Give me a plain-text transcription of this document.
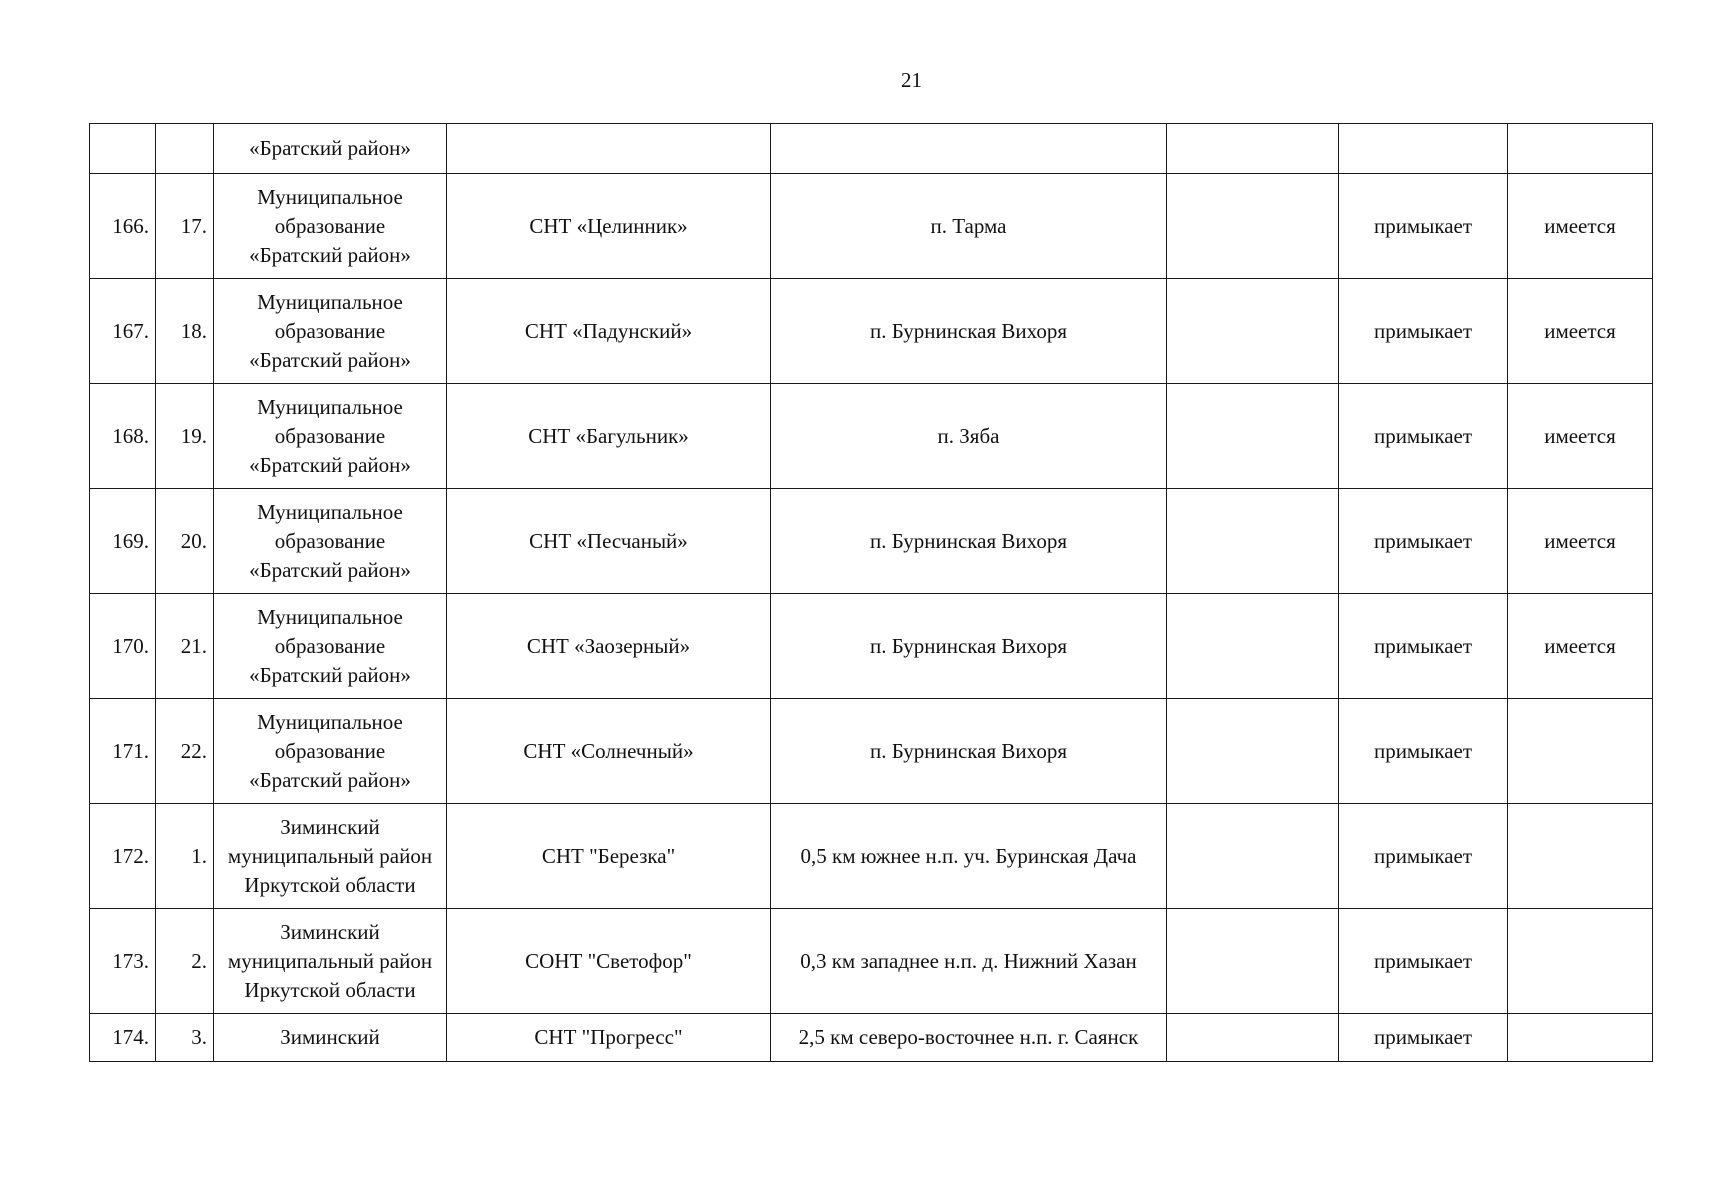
21
		«Братский район»					
166.	17.	Муниципальное
образование
«Братский район»	СНТ «Целинник»	п. Тарма		примыкает	имеется
167.	18.	Муниципальное
образование
«Братский район»	СНТ «Падунский»	п. Бурнинская Вихоря		примыкает	имеется
168.	19.	Муниципальное
образование
«Братский район»	СНТ «Багульник»	п. Зяба		примыкает	имеется
169.	20.	Муниципальное
образование
«Братский район»	СНТ «Песчаный»	п. Бурнинская Вихоря		примыкает	имеется
170.	21.	Муниципальное
образование
«Братский район»	СНТ «Заозерный»	п. Бурнинская Вихоря		примыкает	имеется
171.	22.	Муниципальное
образование
«Братский район»	СНТ «Солнечный»	п. Бурнинская Вихоря		примыкает	
172.	1.	Зиминский
муниципальный район
Иркутской области	СНТ "Березка"	0,5 км южнее н.п. уч. Буринская Дача		примыкает	
173.	2.	Зиминский
муниципальный район
Иркутской области	СОНТ "Светофор"	0,3 км западнее н.п. д. Нижний Хазан		примыкает	
174.	3.	Зиминский	СНТ "Прогресс"	2,5 км северо-восточнее н.п. г. Саянск		примыкает	
